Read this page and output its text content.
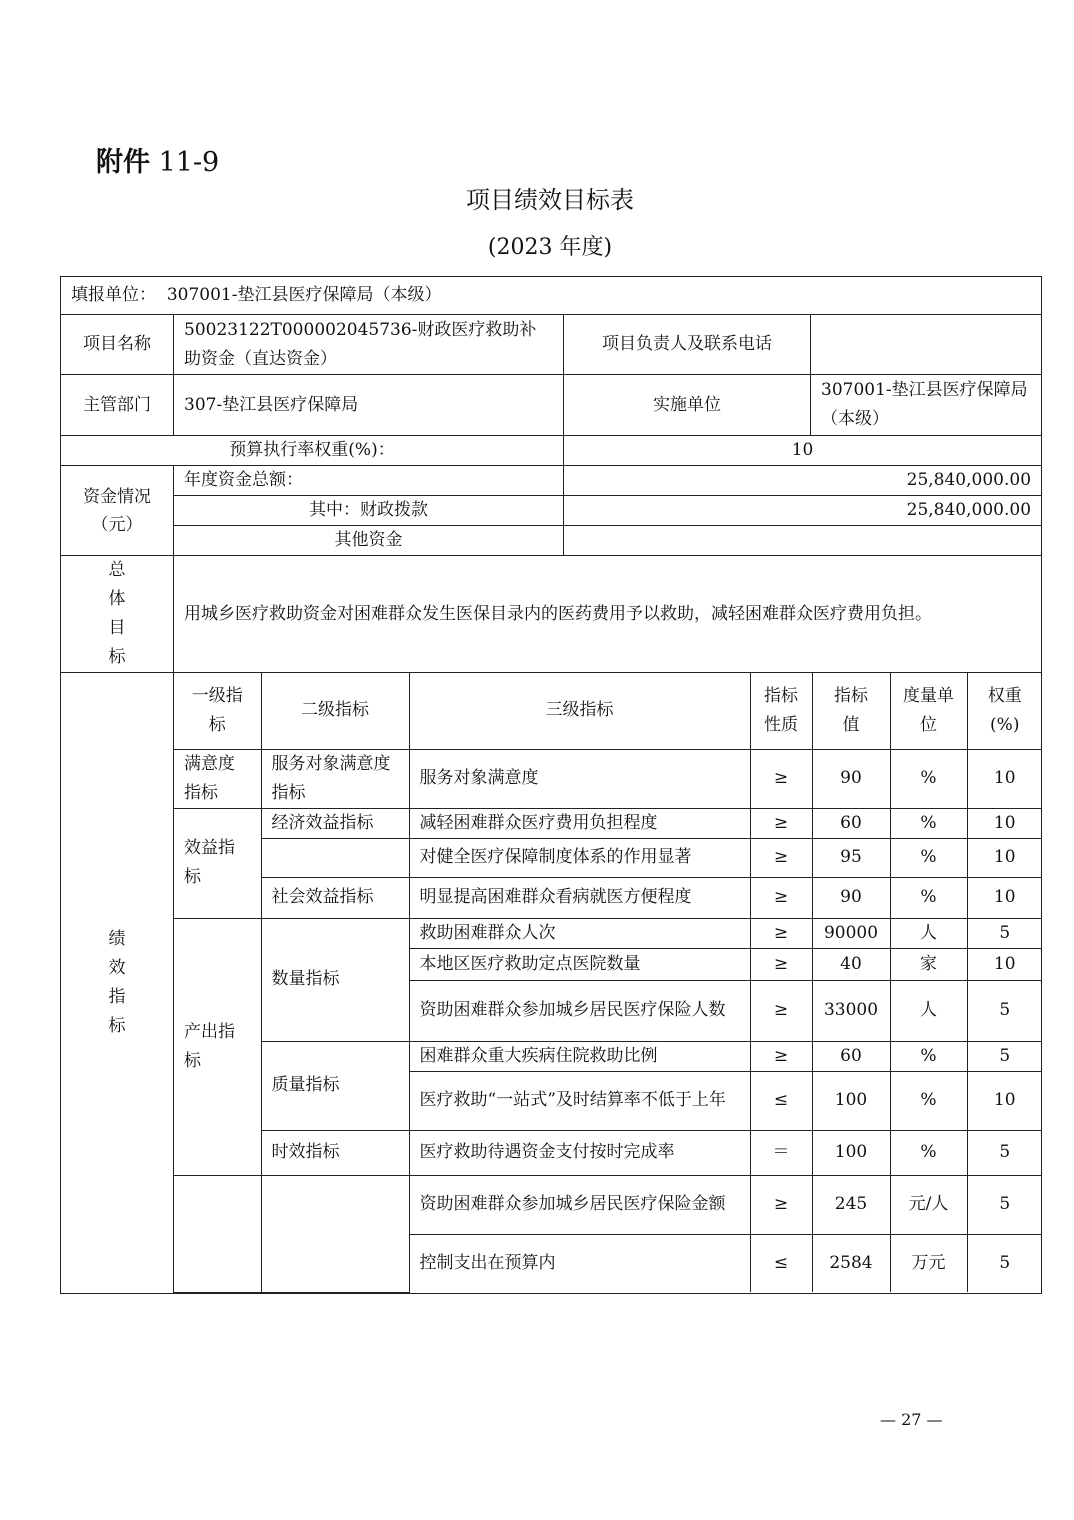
附件 11-9
项目绩效目标表
(2023 年度)
填报单位： 307001-垫江县医疗保障局（本级）
项目名称	50023122T000002045736-财政医疗救助补助资金（直达资金）	项目负责人及联系电话	
主管部门	307-垫江县医疗保障局	实施单位	307001-垫江县医疗保障局（本级）
预算执行率权重(%)：	10
资金情况（元）	年度资金总额：	25,840,000.00
其中：财政拨款	25,840,000.00
其他资金	

总
体
目
标
	用城乡医疗救助资金对困难群众发生医保目录内的医药费用予以救助，减轻困难群众医疗费用负担。

绩
效
指
标

一级指标	二级指标	三级指标	指标性质	指标值	度量单位	权重(%)
满意度指标	服务对象满意度指标	服务对象满意度	≥	90	%	10
效益指标	经济效益指标	减轻困难群众医疗费用负担程度	≥	60	%	10
	对健全医疗保障制度体系的作用显著	≥	95	%	10
社会效益指标	明显提高困难群众看病就医方便程度	≥	90	%	10
产出指标	数量指标	救助困难群众人次	≥	90000	人	5
本地区医疗救助定点医院数量	≥	40	家	10
资助困难群众参加城乡居民医疗保险人数	≥	33000	人	5
质量指标	困难群众重大疾病住院救助比例	≥	60	%	5
医疗救助“一站式”及时结算率不低于上年	≤	100	%	10
时效指标	医疗救助待遇资金支付按时完成率	＝	100	%	5
		资助困难群众参加城乡居民医疗保险金额	≥	245	元/人	5
控制支出在预算内	≤	2584	万元	5
— 27 —
